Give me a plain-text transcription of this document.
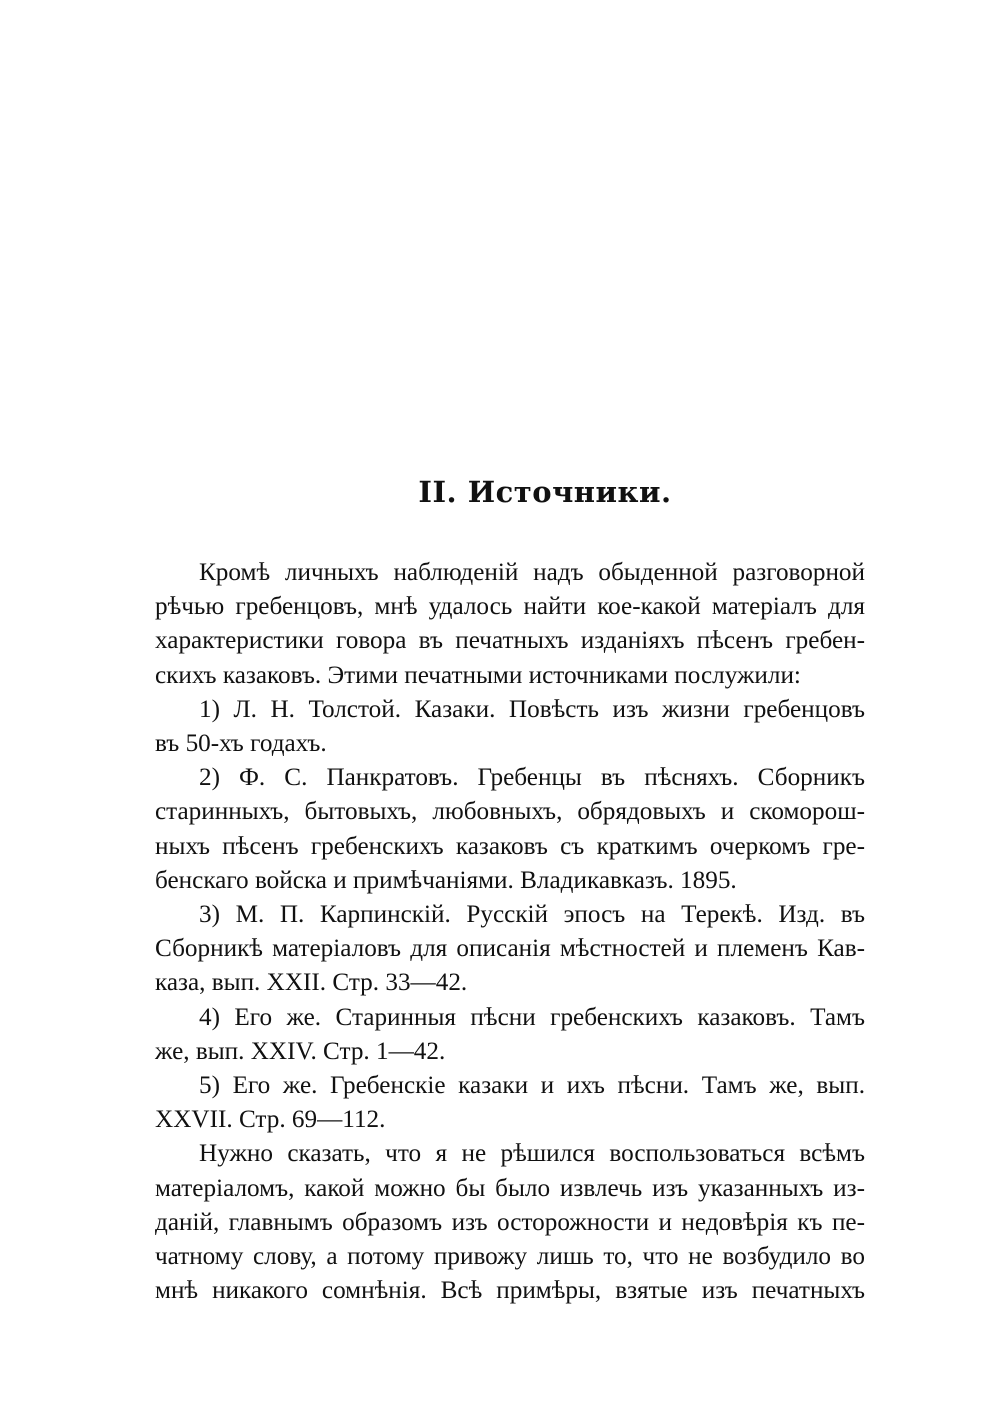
II. Источники.
Кромѣ личныхъ наблюденій надъ обыденной разговорной
рѣчью гребенцовъ, мнѣ удалось найти кое-какой матеріалъ для
характеристики говора въ печатныхъ изданіяхъ пѣсенъ гребен-
скихъ казаковъ. Этими печатными источниками послужили:
1) Л. Н. Толстой. Казаки. Повѣсть изъ жизни гребенцовъ
въ 50-хъ годахъ.
2) Ф. С. Панкратовъ. Гребенцы въ пѣсняхъ. Сборникъ
старинныхъ, бытовыхъ, любовныхъ, обрядовыхъ и скоморош-
ныхъ пѣсенъ гребенскихъ казаковъ съ краткимъ очеркомъ гре-
бенскаго войска и примѣчаніями. Владикавказъ. 1895.
3) М. П. Карпинскій. Русскій эпосъ на Терекѣ. Изд. въ
Сборникѣ матеріаловъ для описанія мѣстностей и племенъ Кав-
каза, вып. XXII. Стр. 33—42.
4) Его же. Старинныя пѣсни гребенскихъ казаковъ. Тамъ
же, вып. XXIV. Стр. 1—42.
5) Его же. Гребенскіе казаки и ихъ пѣсни. Тамъ же, вып.
XXVII. Стр. 69—112.
Нужно сказать, что я не рѣшился воспользоваться всѣмъ
матеріаломъ, какой можно бы было извлечь изъ указанныхъ из-
даній, главнымъ образомъ изъ осторожности и недовѣрія къ пе-
чатному слову, а потому привожу лишь то, что не возбудило во
мнѣ никакого сомнѣнія. Всѣ примѣры, взятые изъ печатныхъ
